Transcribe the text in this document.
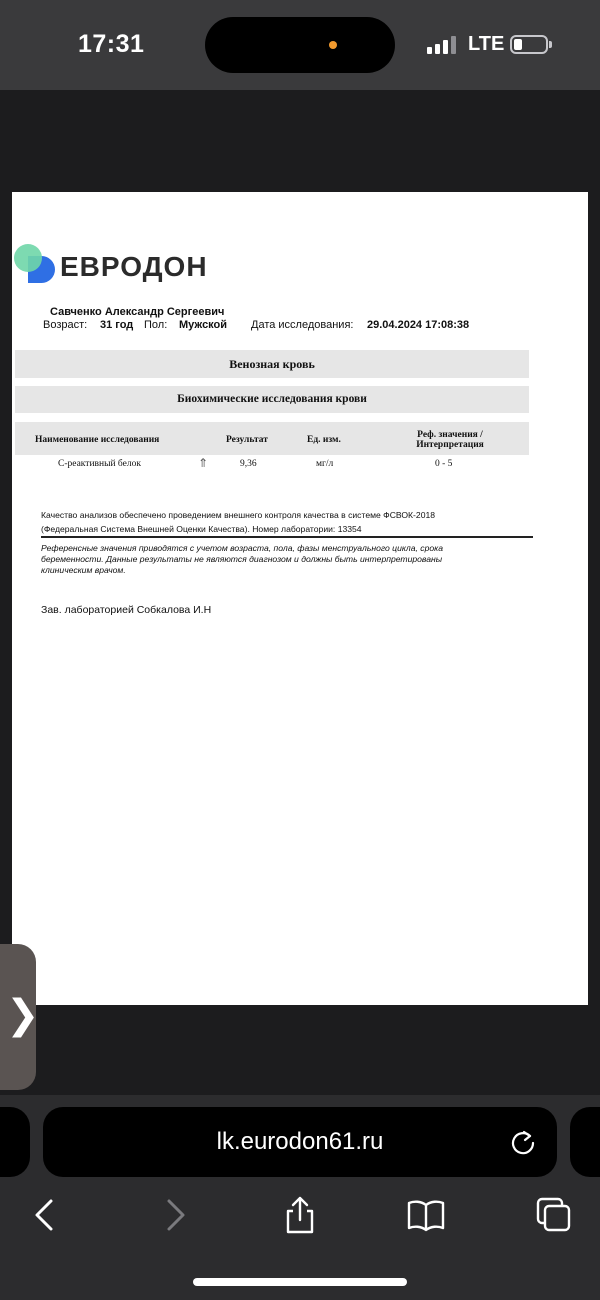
17:31	LTE
ЕВРОДОН
Савченко Александр Сергеевич
Возраст: 31 год Пол: Мужской Дата исследования: 29.04.2024 17:08:38
Венозная кровь
Биохимические исследования крови
Наименование исследования	Результат	Ед. изм.	Реф. значения /
Интерпретация
С-реактивный белок	⇑	9,36	мг/л	0 - 5
Качество анализов обеспечено проведением внешнего контроля качества в системе ФСВОК-2018
(Федеральная Система Внешней Оценки Качества). Номер лаборатории: 13354
Референсные значения приводятся с учетом возраста, пола, фазы менструального цикла, срока
беременности. Данные результаты не являются диагнозом и должны быть интерпретированы
клиническим врачом.
Зав. лабораторией Собкалова И.Н
❯
lk.eurodon61.ru
